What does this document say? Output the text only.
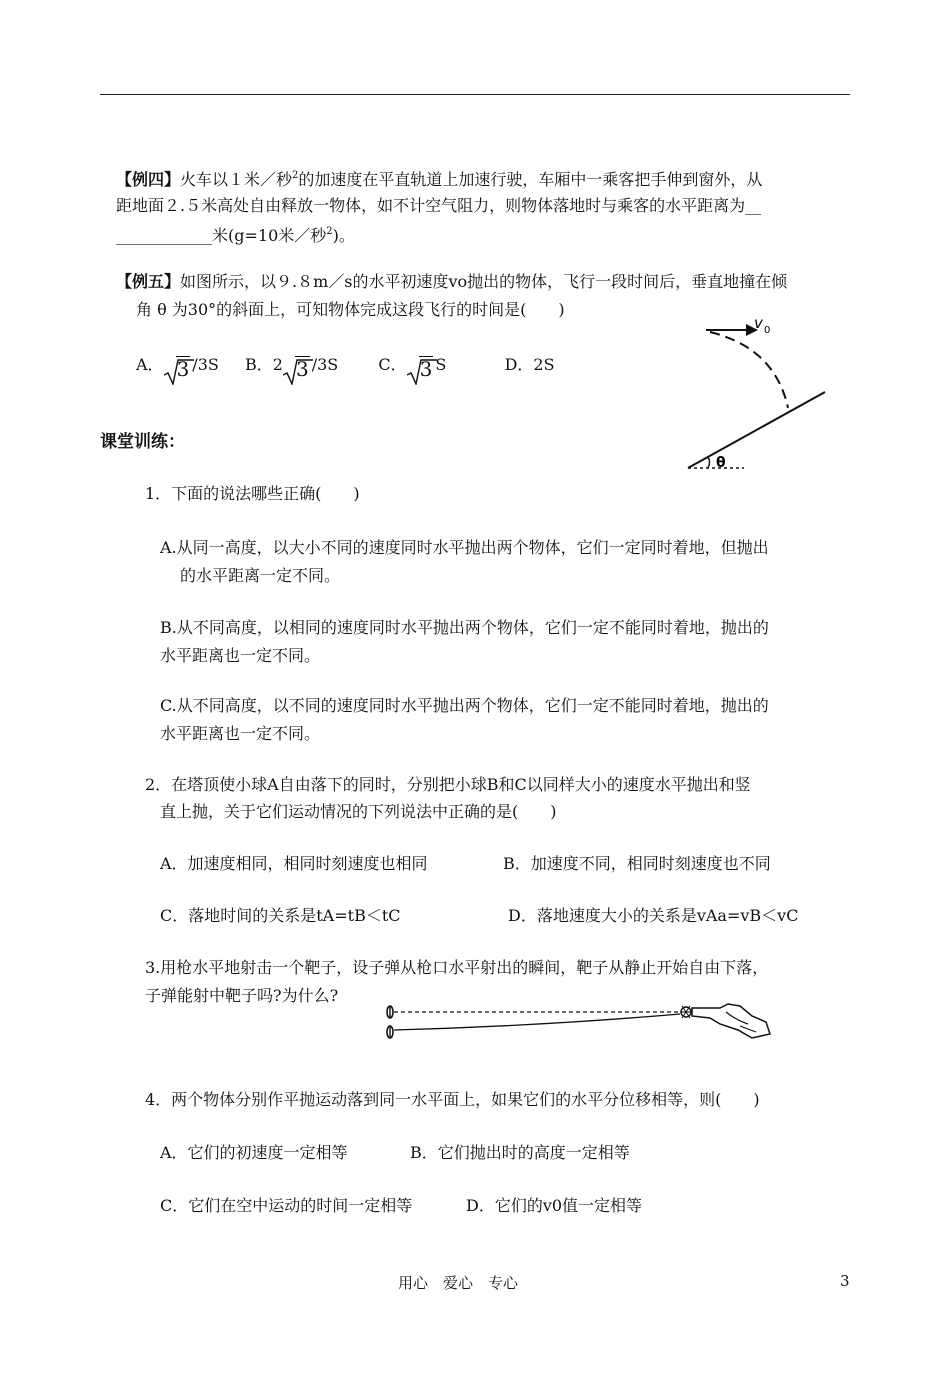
【例四】火车以１米／秒$^2$的加速度在平直轨道上加速行驶，车厢中一乘客把手伸到窗外，从
距地面２.５米高处自由释放一物体，如不计空气阻力，则物体落地时与乘客的水平距离为__
____________米(g=10米／秒$^2$)。
【例五】如图所示，以９.８m／s的水平初速度vo抛出的物体，飞行一段时间后，垂直地撞在倾
角 θ 为30°的斜面上，可知物体完成这段飞行的时间是(　　)
A． 3 /3S B．2 3 /3S	C． 3 S	D．2S
v 0
θ
课堂训练：
1．下面的说法哪些正确(　　)
A.从同一高度，以大小不同的速度同时水平抛出两个物体，它们一定同时着地，但抛出
的水平距离一定不同。
B.从不同高度，以相同的速度同时水平抛出两个物体，它们一定不能同时着地，抛出的
水平距离也一定不同。
C.从不同高度，以不同的速度同时水平抛出两个物体，它们一定不能同时着地，抛出的
水平距离也一定不同。
2．在塔顶使小球A自由落下的同时，分别把小球B和C以同样大小的速度水平抛出和竖
直上抛，关于它们运动情况的下列说法中正确的是(　　)
A．加速度相同，相同时刻速度也相同	B．加速度不同，相同时刻速度也不同
C．落地时间的关系是tA=tB＜tC	D．落地速度大小的关系是vAa=vB＜vC
3.用枪水平地射击一个靶子，设子弹从枪口水平射出的瞬间，靶子从静止开始自由下落，
子弹能射中靶子吗?为什么?
4．两个物体分别作平抛运动落到同一水平面上，如果它们的水平分位移相等，则(　　)
A．它们的初速度一定相等	B．它们抛出时的高度一定相等
C．它们在空中运动的时间一定相等	D．它们的v0值一定相等
用心　爱心　专心	3
